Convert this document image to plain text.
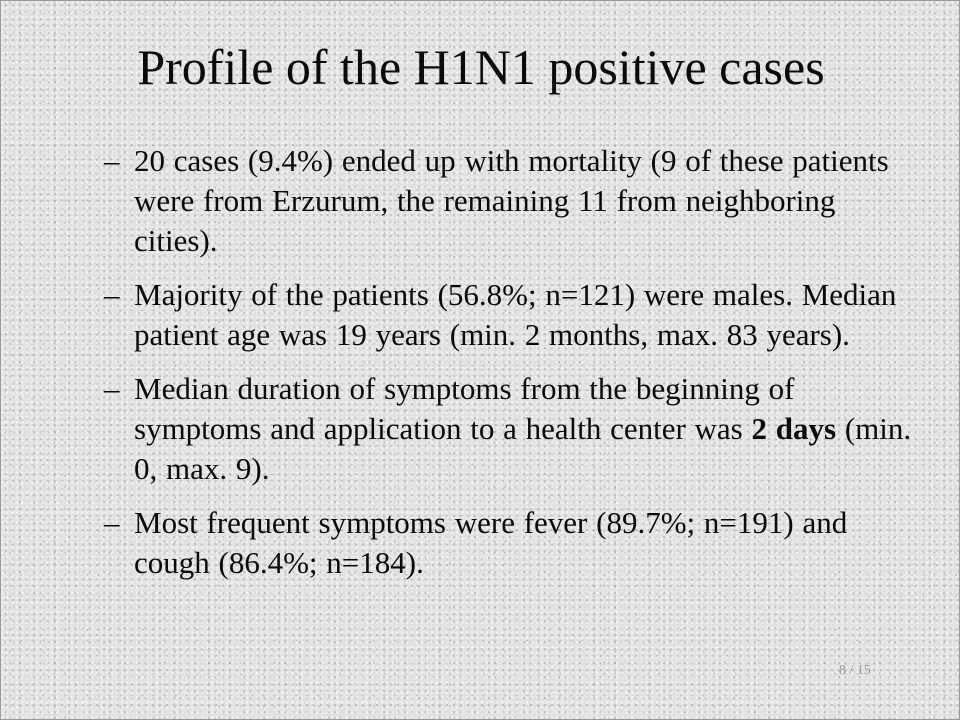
Profile of the H1N1 positive cases
– 20 cases (9.4%) ended up with mortality (9 of these patients were from Erzurum, the remaining 11 from neighboring cities).
– Majority of the patients (56.8%; n=121) were males. Median patient age was 19 years (min. 2 months, max. 83 years).
– Median duration of symptoms from the beginning of symptoms and application to a health center was 2 days (min. 0, max. 9).
– Most frequent symptoms were fever (89.7%; n=191) and cough (86.4%; n=184).
8 / 15
